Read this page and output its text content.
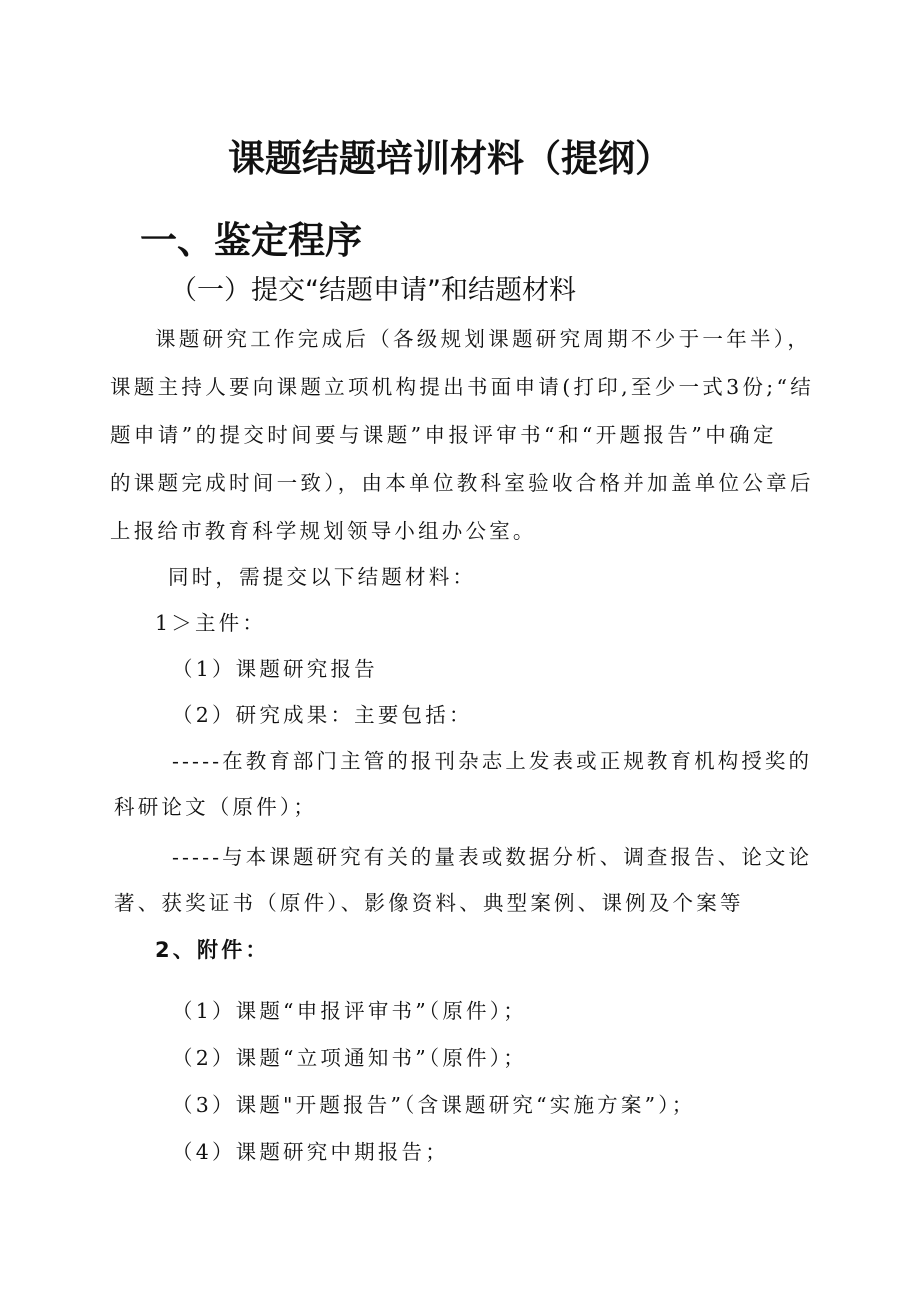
课题结题培训材料（提纲）
一、鉴定程序
（一）提交“结题申请”和结题材料
课题研究工作完成后（各级规划课题研究周期不少于一年半），
课题主持人要向课题立项机构提出书面申请(打印,至少一式3份;“结
题申请”的提交时间要与课题”申报评审书“和“开题报告”中确定
的课题完成时间一致），由本单位教科室验收合格并加盖单位公章后
上报给市教育科学规划领导小组办公室。
同时，需提交以下结题材料：
1＞主件：
（1）课题研究报告
（2）研究成果：主要包括：
-----在教育部门主管的报刊杂志上发表或正规教育机构授奖的
科研论文（原件）；
-----与本课题研究有关的量表或数据分析、调查报告、论文论
著、获奖证书（原件）、影像资料、典型案例、课例及个案等
2、附件：
（1）课题“申报评审书”（原件）；
（2）课题“立项通知书”（原件）；
（3）课题"开题报告”（含课题研究“实施方案”）；
（4）课题研究中期报告；
